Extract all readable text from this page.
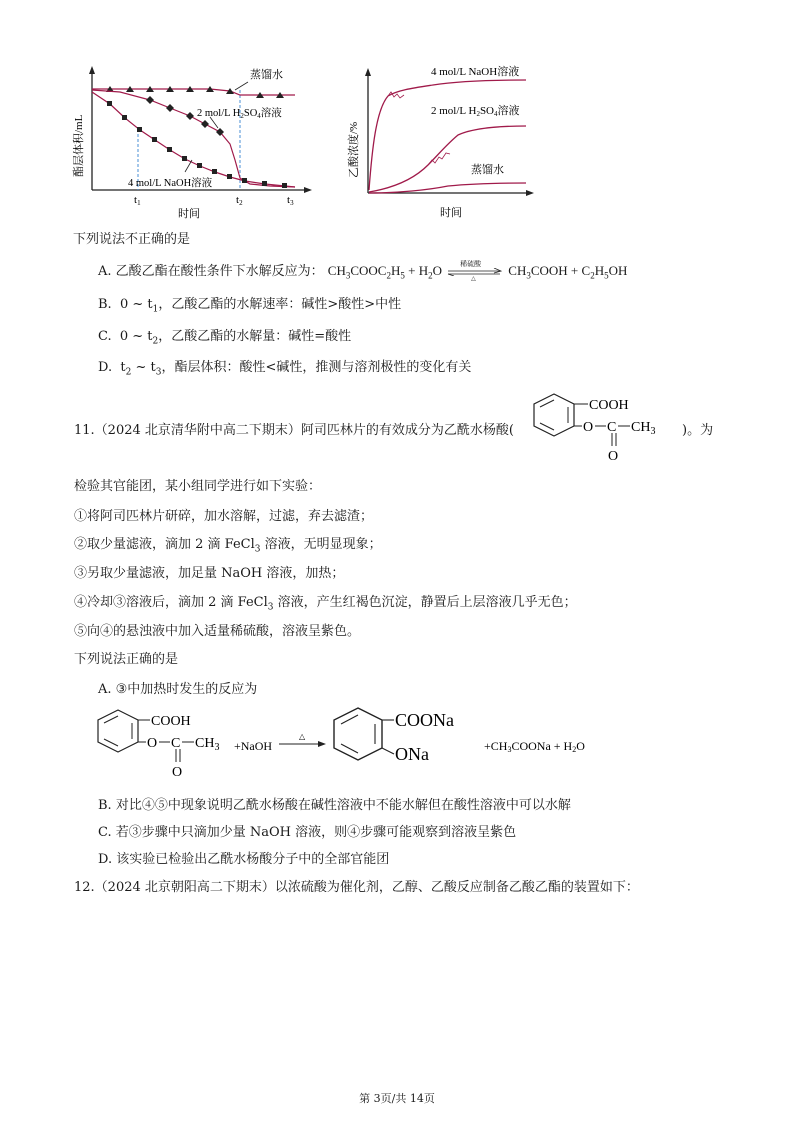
蒸馏水
2 mol/L H2SO4溶液
4 mol/L NaOH溶液
酯层体积/mL
t1	t2	t3
时间
4 mol/L NaOH溶液
2 mol/L H2SO4溶液
蒸馏水
乙酸浓度/%
时间
下列说法不正确的是
A. 乙酸乙酯在酸性条件下水解反应为： $CH_3COOC_2H_5 + H_2O$	稀硫酸
△
$CH_3COOH + C_2H_5OH$
B.  0 ~ $t_1$，乙酸乙酯的水解速率：碱性>酸性>中性
C.  0 ~ $t_2$，乙酸乙酯的水解量：碱性=酸性
D.  $t_2$ ~ $t_3$，酯层体积：酸性<碱性，推测与溶剂极性的变化有关
11.（2024 北京清华附中高二下期末）阿司匹林片的有效成分为乙酰水杨酸(
COOH
O C
O
$CH_3$ )。为
检验其官能团，某小组同学进行如下实验：
①将阿司匹林片研碎，加水溶解，过滤，弃去滤渣；
②取少量滤液，滴加 2 滴 FeCl$_3$ 溶液，无明显现象；
③另取少量滤液，加足量 NaOH 溶液，加热；
④冷却③溶液后，滴加 2 滴 FeCl$_3$ 溶液，产生红褐色沉淀，静置后上层溶液几乎无色；
⑤向④的悬浊液中加入适量稀硫酸，溶液呈紫色。
下列说法正确的是
A. ③中加热时发生的反应为
COOH
O C
O
$CH_3$ +NaOH
△
COONa
ONa	+CH3COONa + H2O
B. 对比④⑤中现象说明乙酰水杨酸在碱性溶液中不能水解但在酸性溶液中可以水解
C. 若③步骤中只滴加少量 NaOH 溶液，则④步骤可能观察到溶液呈紫色
D. 该实验已检验出乙酰水杨酸分子中的全部官能团
12.（2024 北京朝阳高二下期末）以浓硫酸为催化剂，乙醇、乙酸反应制备乙酸乙酯的装置如下：
第 3页/共 14页
